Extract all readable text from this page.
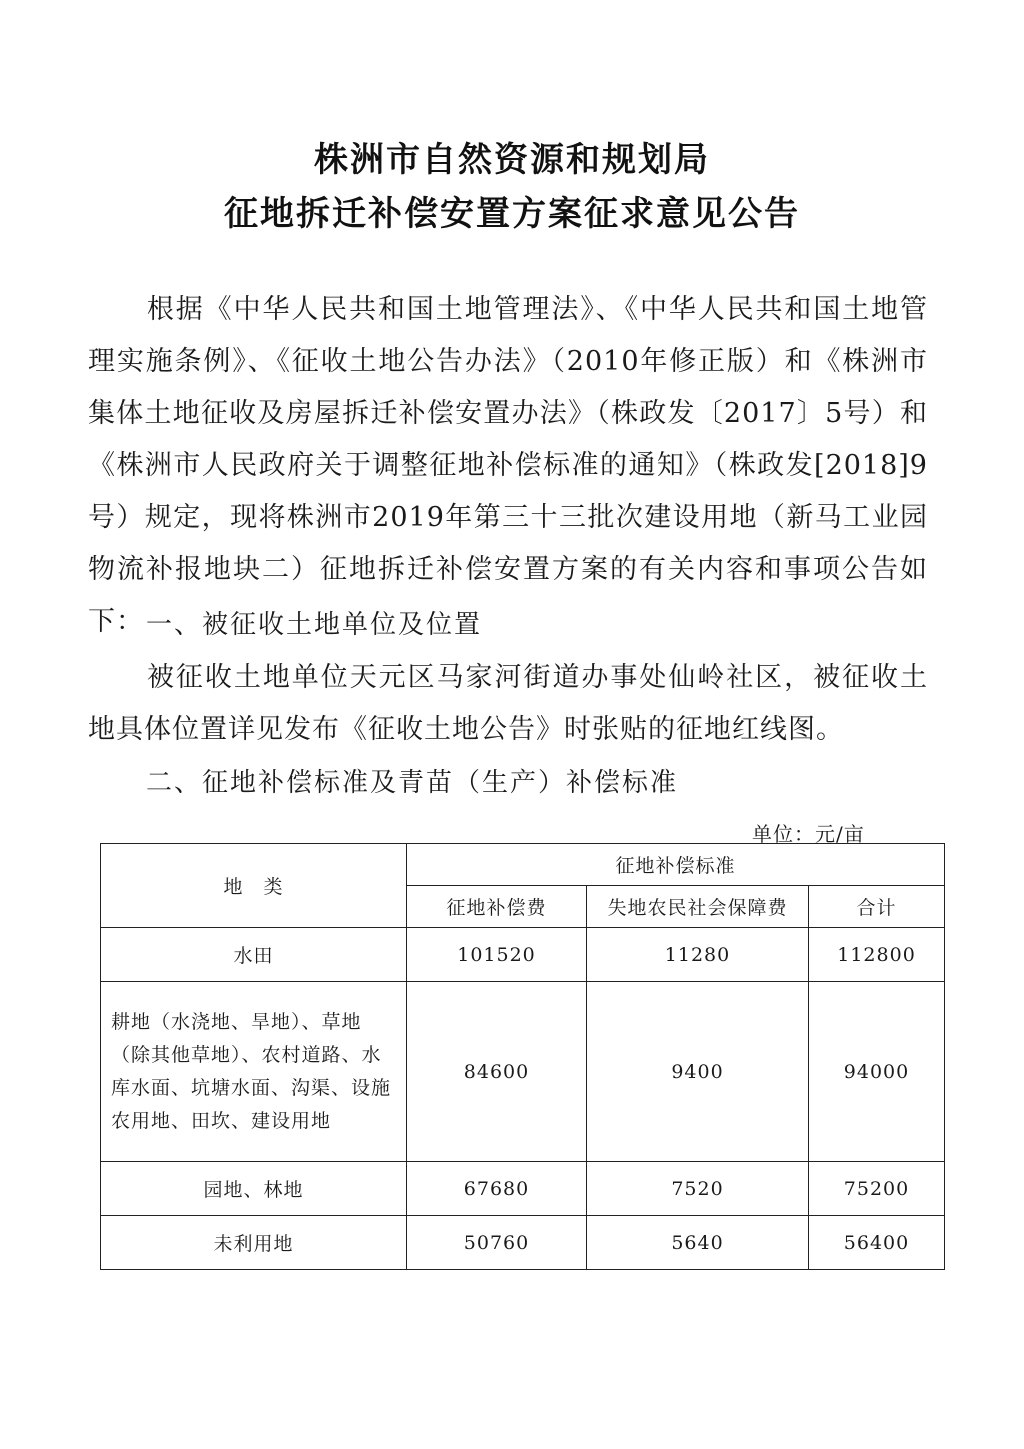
株洲市自然资源和规划局
征地拆迁补偿安置方案征求意见公告

根据《中华人民共和国土地管理法》、《中华人民共和国土地管理实施条例》、《征收土地公告办法》（2010年修正版）和《株洲市集体土地征收及房屋拆迁补偿安置办法》（株政发〔2017〕5号）和《株洲市人民政府关于调整征地补偿标准的通知》（株政发[2018]9号）规定，现将株洲市2019年第三十三批次建设用地（新马工业园物流补报地块二）征地拆迁补偿安置方案的有关内容和事项公告如下： 一、被征收土地单位及位置

被征收土地单位天元区马家河街道办事处仙岭社区，被征收土地具体位置详见发布《征收土地公告》时张贴的征地红线图。

二、征地补偿标准及青苗（生产）补偿标准
单位：元/亩
地　类	征地补偿标准		
	征地补偿费	失地农民社会保障费	合计
水田	101520	11280	112800
耕地（水浇地、旱地）、草地（除其他草地）、农村道路、水库水面、坑塘水面、沟渠、设施农用地、田坎、建设用地	84600	9400	94000
园地、林地	67680	7520	75200
未利用地	50760	5640	56400
